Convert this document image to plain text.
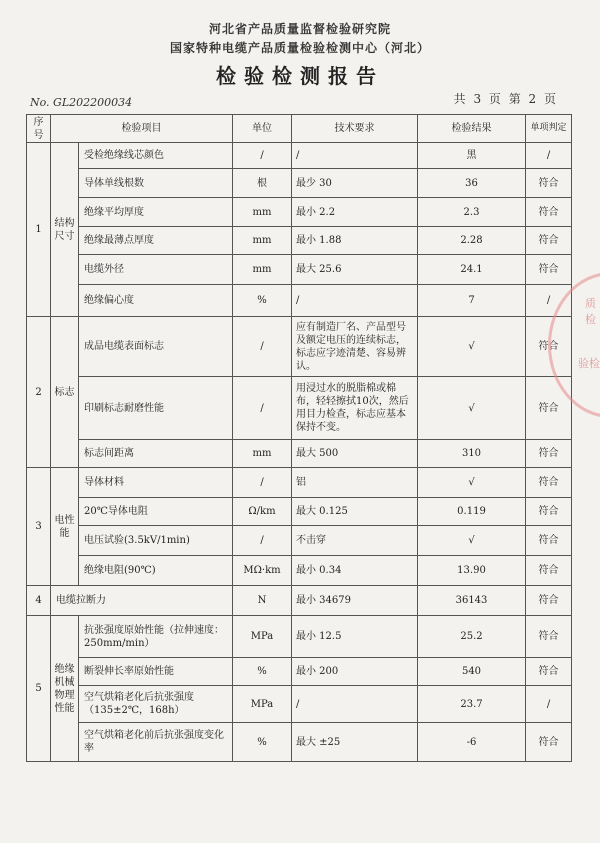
河北省产品质量监督检验研究院
国家特种电缆产品质量检验检测中心（河北）
检验检测报告
No. GL202200034	共 3 页 第 2 页
序号	检验项目		单位	技术要求	检验结果	单项判定
1	结构尺寸	受检绝缘线芯颜色	/	/	黑	/
		导体单线根数	根	最少 30	36	符合
		绝缘平均厚度	mm	最小 2.2	2.3	符合
		绝缘最薄点厚度	mm	最小 1.88	2.28	符合
		电缆外径	mm	最大 25.6	24.1	符合
		绝缘偏心度	%	/	7	/
2	标志	成品电缆表面标志	/	应有制造厂名、产品型号及额定电压的连续标志，标志应字迹清楚、容易辨认。	√	符合
		印刷标志耐磨性能	/	用浸过水的脱脂棉或棉布，轻轻擦拭10次，然后用目力检查，标志应基本保持不变。	√	符合
		标志间距离	mm	最大 500	310	符合
3	电性能	导体材料	/	铝	√	符合
		20℃导体电阻	Ω/km	最大 0.125	0.119	符合
		电压试验(3.5kV/1min)	/	不击穿	√	符合
		绝缘电阻(90℃)	MΩ·km	最小 0.34	13.90	符合
4	电缆拉断力		N	最小 34679	36143	符合
5	绝缘机械物理性能	抗张强度原始性能（拉伸速度：250mm/min）	MPa	最小 12.5	25.2	符合
		断裂伸长率原始性能	%	最小 200	540	符合
		空气烘箱老化后抗张强度（135±2℃，168h）	MPa	/	23.7	/
		空气烘箱老化前后抗张强度变化率	%	最大 ±25	-6	符合
质检
验检
